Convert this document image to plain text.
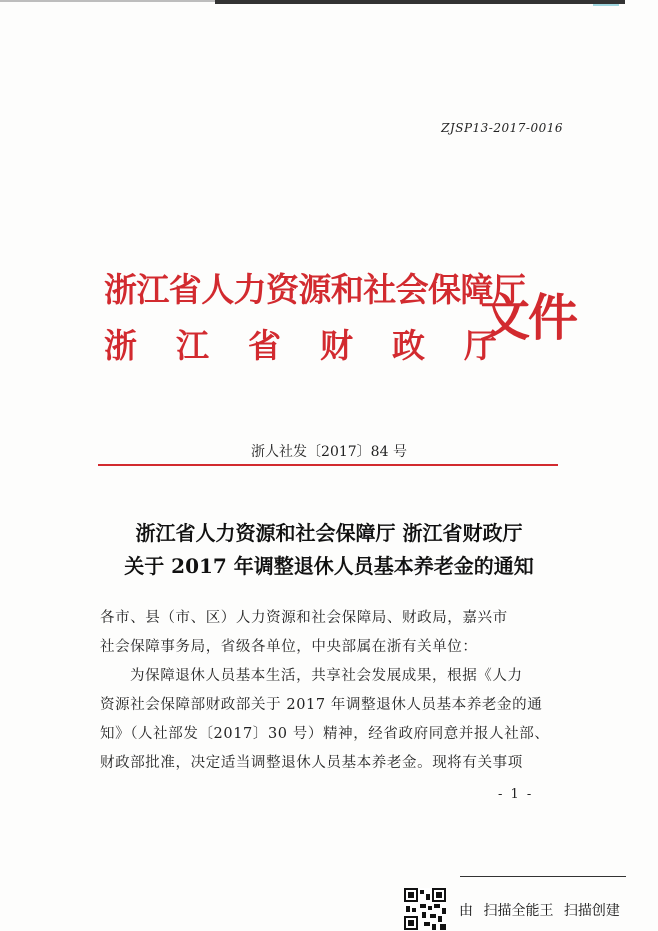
ZJSP13-2017-0016
浙江省人力资源和社会保障厅
浙江省财政厅
文件
浙人社发〔2017〕84 号
浙江省人力资源和社会保障厅 浙江省财政厅
关于 2017 年调整退休人员基本养老金的通知
各市、县（市、区）人力资源和社会保障局、财政局，嘉兴市
社会保障事务局，省级各单位，中央部属在浙有关单位：
为保障退休人员基本生活，共享社会发展成果，根据《人力
资源社会保障部财政部关于 2017 年调整退休人员基本养老金的通
知》（人社部发〔2017〕30 号）精神，经省政府同意并报人社部、
财政部批准，决定适当调整退休人员基本养老金。现将有关事项
- 1 -
由 扫描全能王 扫描创建
